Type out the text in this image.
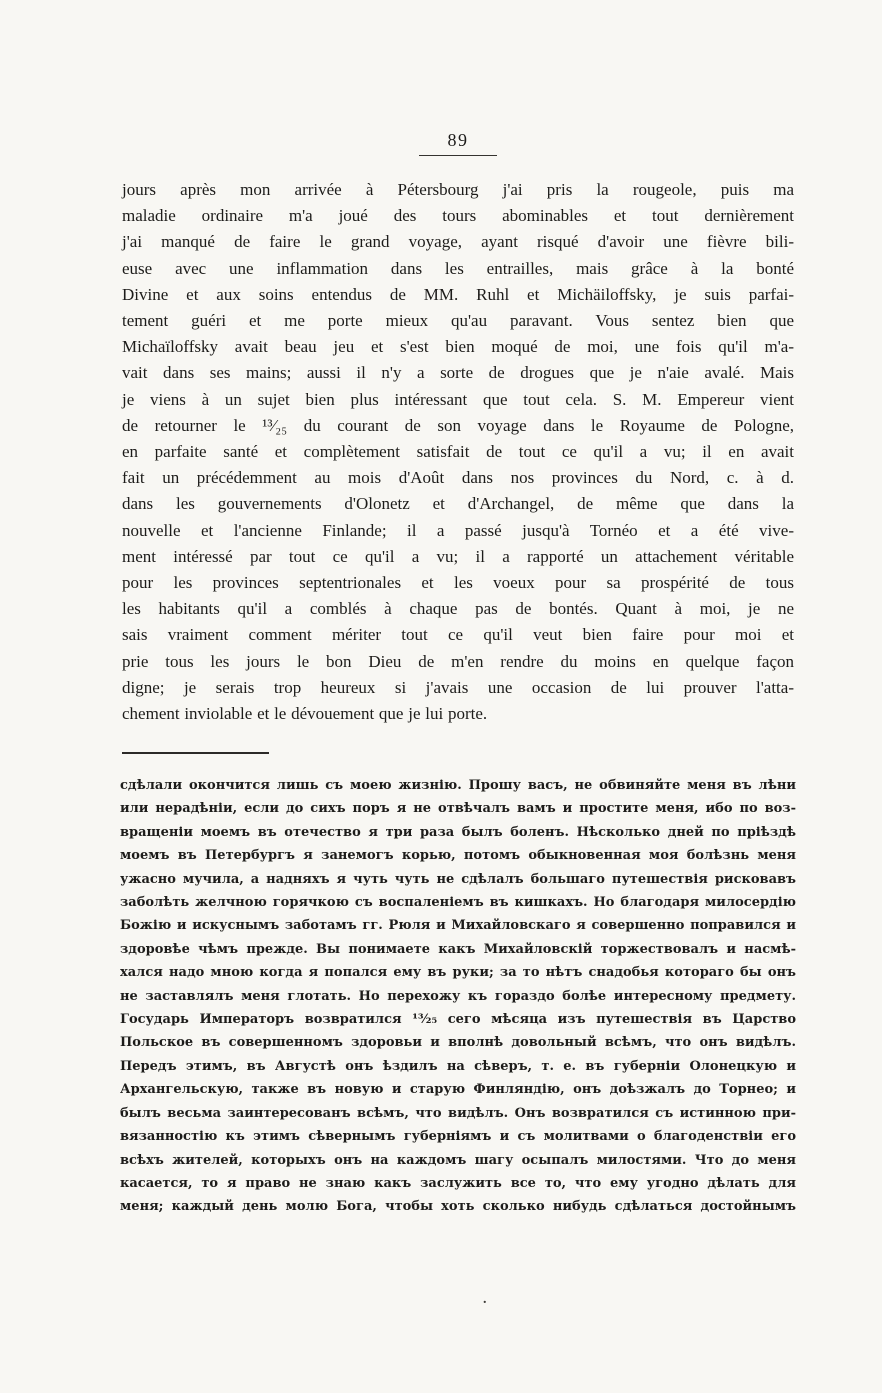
89
jours après mon arrivée à Pétersbourg j'ai pris la rougeole, puis ma
maladie ordinaire m'a joué des tours abominables et tout dernièrement
j'ai manqué de faire le grand voyage, ayant risqué d'avoir une fièvre bili-
euse avec une inflammation dans les entrailles, mais grâce à la bonté
Divine et aux soins entendus de MM. Ruhl et Michäiloffsky, je suis parfai-
tement guéri et me porte mieux qu'au paravant. Vous sentez bien que
Michaïloffsky avait beau jeu et s'est bien moqué de moi, une fois qu'il m'a-
vait dans ses mains; aussi il n'y a sorte de drogues que je n'aie avalé. Mais
je viens à un sujet bien plus intéressant que tout cela. S. M. Empereur vient
de retourner le ¹³⁄₂₅ du courant de son voyage dans le Royaume de Pologne,
en parfaite santé et complètement satisfait de tout ce qu'il a vu; il en avait
fait un précédemment au mois d'Août dans nos provinces du Nord, c. à d.
dans les gouvernements d'Olonetz et d'Archangel, de même que dans la
nouvelle et l'ancienne Finlande; il a passé jusqu'à Tornéo et a été vive-
ment intéressé par tout ce qu'il a vu; il a rapporté un attachement véritable
pour les provinces septentrionales et les voeux pour sa prospérité de tous
les habitants qu'il a comblés à chaque pas de bontés. Quant à moi, je ne
sais vraiment comment mériter tout ce qu'il veut bien faire pour moi et
prie tous les jours le bon Dieu de m'en rendre du moins en quelque façon
digne; je serais trop heureux si j'avais une occasion de lui prouver l'atta-
chement inviolable et le dévouement que je lui porte.
сдѣлали окончится лишь съ моею жизнію. Прошу васъ, не обвиняйте меня въ лѣни
или нерадѣніи, если до сихъ поръ я не отвѣчалъ вамъ и простите меня, ибо по воз-
вращеніи моемъ въ отечество я три раза былъ боленъ. Нѣсколько дней по пріѣздѣ
моемъ въ Петербургъ я занемогъ корью, потомъ обыкновенная моя болѣзнь меня
ужасно мучила, а надняхъ я чуть чуть не сдѣлалъ большаго путешествія рисковавъ
заболѣть желчною горячкою съ воспаленіемъ въ кишкахъ. Но благодаря милосердію
Божію и искуснымъ заботамъ гг. Рюля и Михайловскаго я совершенно поправился и
здоровѣе чѣмъ прежде. Вы понимаете какъ Михайловскій торжествовалъ и насмѣ-
хался надо мною когда я попался ему въ руки; за то нѣтъ снадобья котораго бы онъ
не заставлялъ меня глотать. Но перехожу къ гораздо болѣе интересному предмету.
Государь Императоръ возвратился ¹³⁄₂₅ сего мѣсяца изъ путешествія въ Царство
Польское въ совершенномъ здоровьи и вполнѣ довольный всѣмъ, что онъ видѣлъ.
Передъ этимъ, въ Августѣ онъ ѣздилъ на сѣверъ, т. е. въ губерніи Олонецкую и
Архангельскую, также въ новую и старую Финляндію, онъ доѣзжалъ до Торнео; и
былъ весьма заинтересованъ всѣмъ, что видѣлъ. Онъ возвратился съ истинною при-
вязанностію къ этимъ сѣвернымъ губерніямъ и съ молитвами о благоденствіи его
всѣхъ жителей, которыхъ онъ на каждомъ шагу осыпалъ милостями. Что до меня
касается, то я право не знаю какъ заслужить все то, что ему угодно дѣлать для
меня; каждый день молю Бога, чтобы хоть сколько нибудь сдѣлаться достойнымъ
.
